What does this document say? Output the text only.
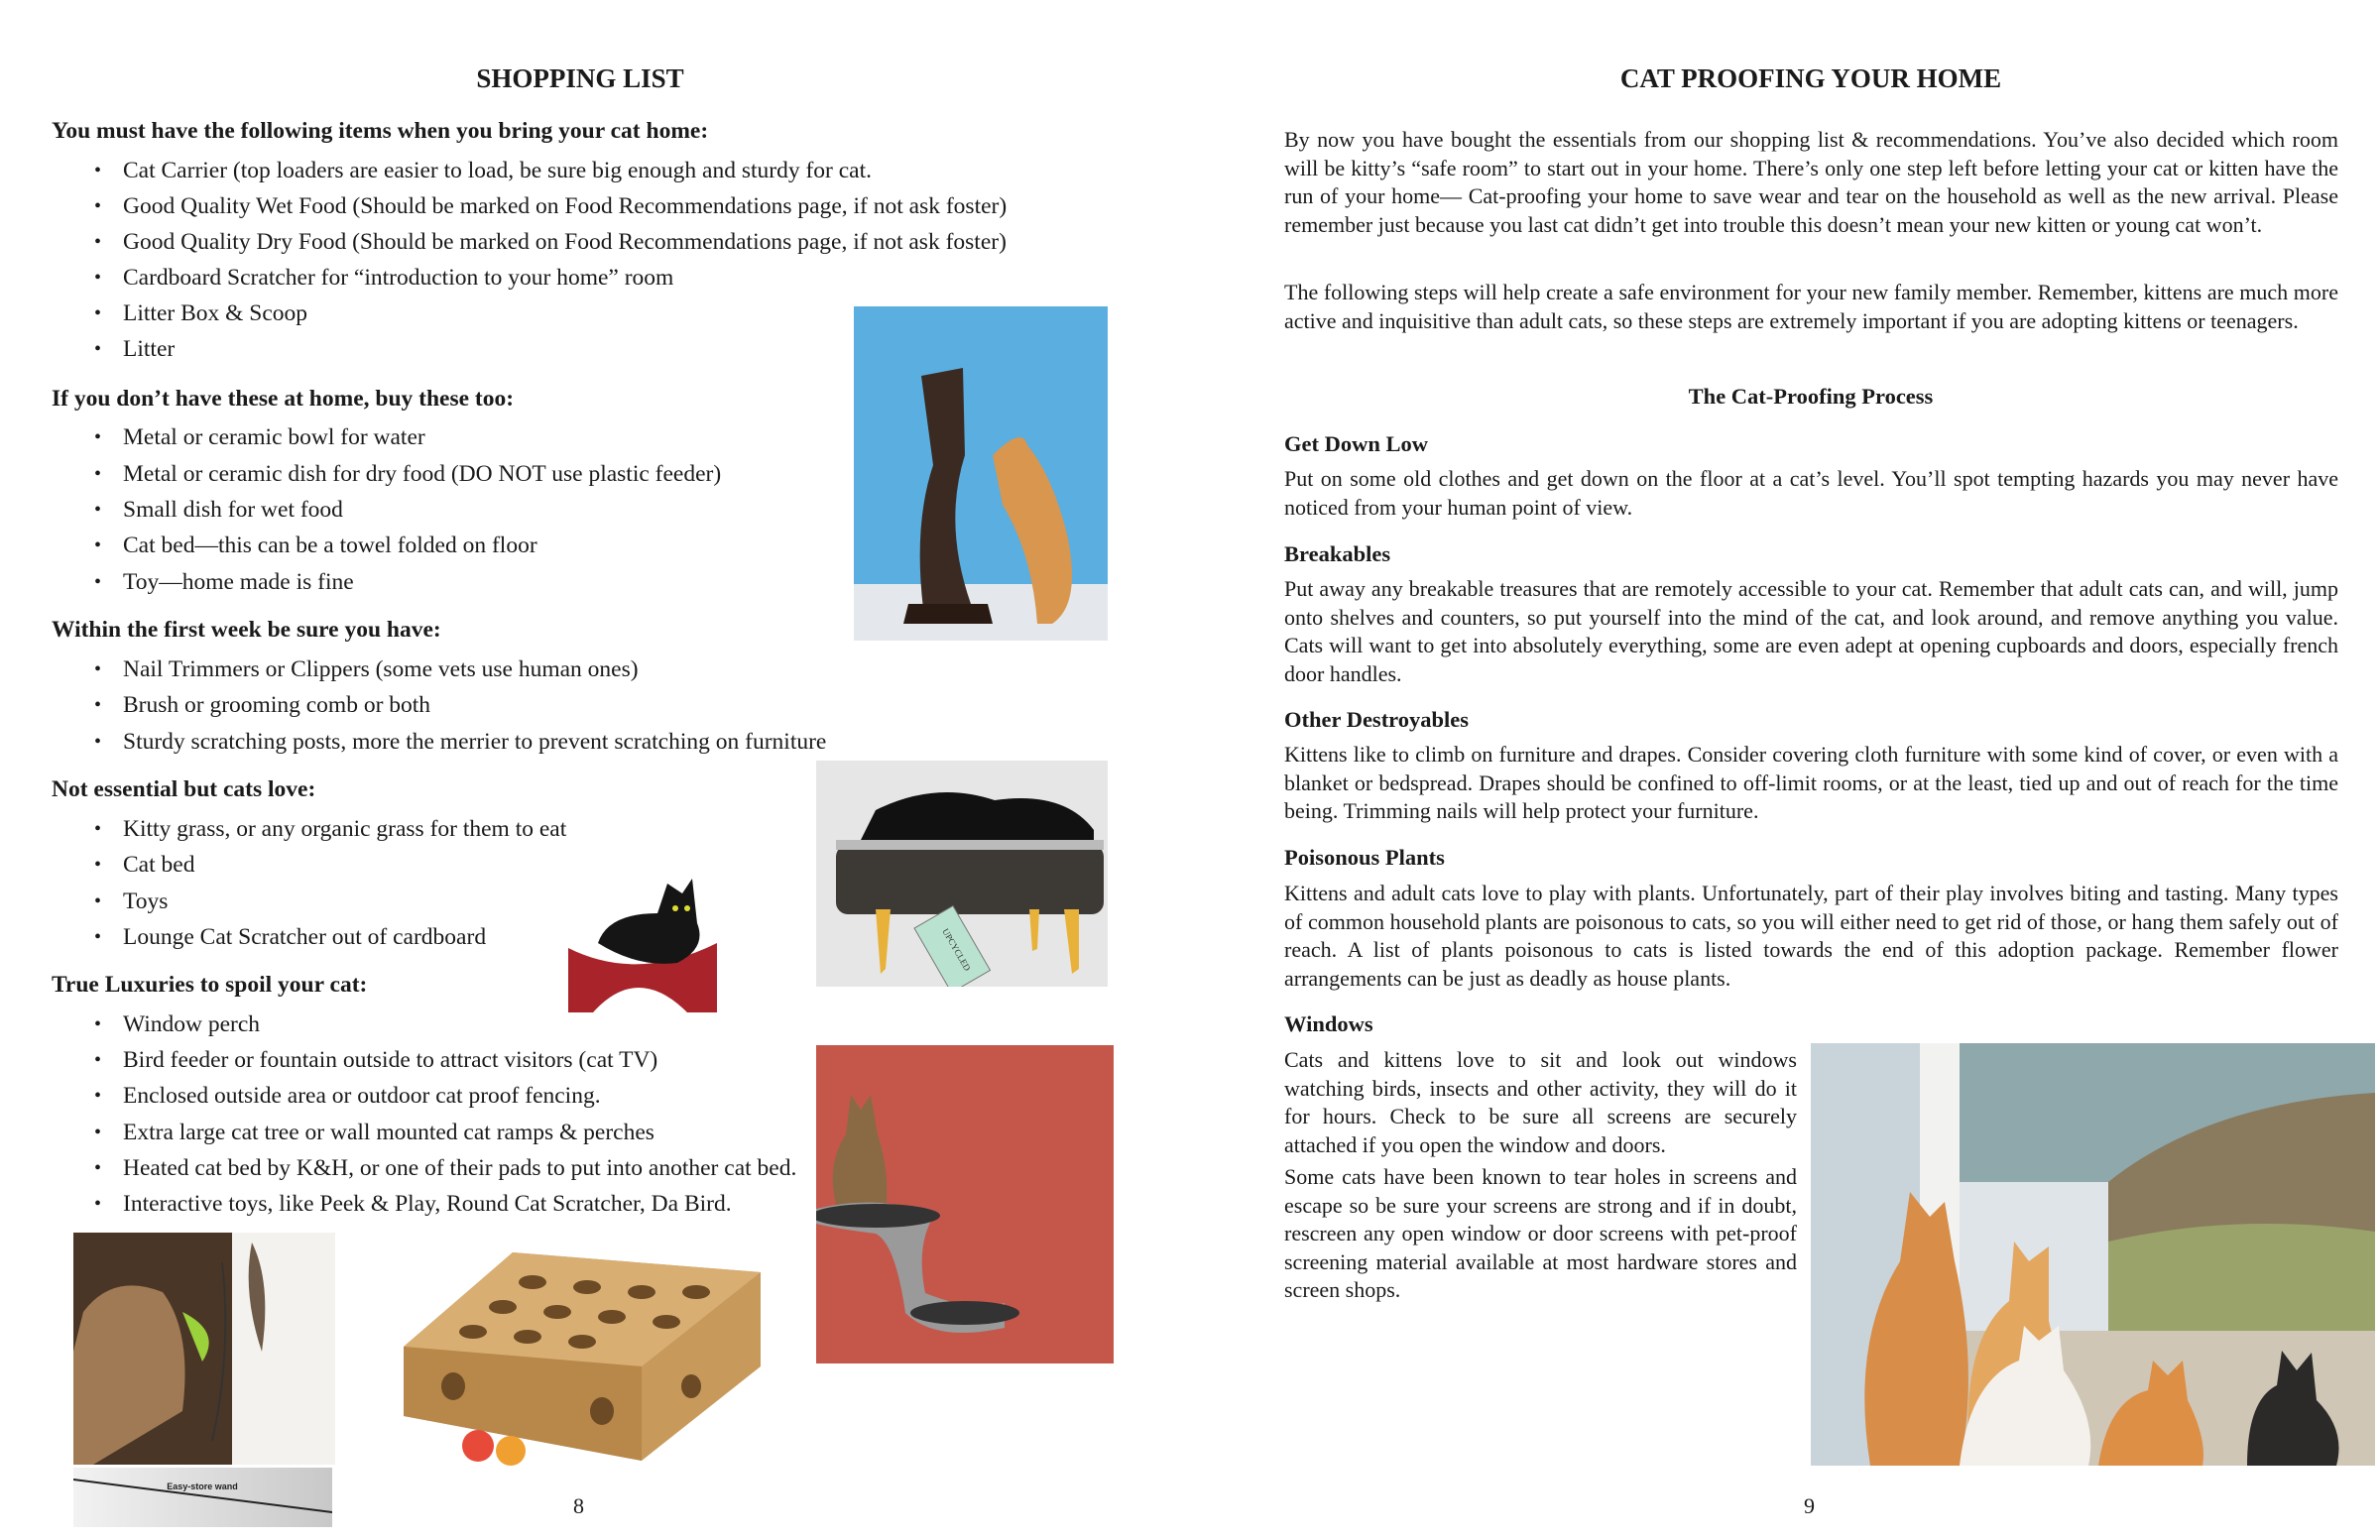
SHOPPING LIST
You must have the following items when you bring your cat home:
• Cat Carrier (top loaders are easier to load, be sure big enough and sturdy for cat.
• Good Quality Wet Food (Should be marked on Food Recommendations page, if not ask foster)
• Good Quality Dry Food (Should be marked on Food Recommendations page, if not ask foster)
• Cardboard Scratcher for “introduction to your home” room
• Litter Box & Scoop
• Litter
If you don’t have these at home, buy these too:
• Metal or ceramic bowl for water
• Metal or ceramic dish for dry food (DO NOT use plastic feeder)
• Small dish for wet food
• Cat bed—this can be a towel folded on floor
• Toy—home made is fine
Within the first week be sure you have:
• Nail Trimmers or Clippers (some vets use human ones)
• Brush or grooming comb or both
• Sturdy scratching posts, more the merrier to prevent scratching on furniture
Not essential but cats love:
• Kitty grass, or any organic grass for them to eat
• Cat bed
• Toys
• Lounge Cat Scratcher out of cardboard
True Luxuries to spoil your cat:
• Window perch
• Bird feeder or fountain outside to attract visitors (cat TV)
• Enclosed outside area or outdoor cat proof fencing.
• Extra large cat tree or wall mounted cat ramps & perches
• Heated cat bed by K&H, or one of their pads to put into another cat bed.
• Interactive toys, like Peek & Play, Round Cat Scratcher, Da Bird.
UPCYCLED
Easy-store wand
8
CAT PROOFING YOUR HOME

By now you have bought the essentials from our shopping list & recommendations. You’ve also decided which room will be kitty’s “safe room” to start out in your home. There’s only one step left before letting your cat or kitten have the run of your home— Cat-proofing your home to save wear and tear on the household as well as the new arrival. Please remember just because you last cat didn’t get into trouble this doesn’t mean your new kitten or young cat won’t.

The following steps will help create a safe environment for your new family member. Remember, kittens are much more active and inquisitive than adult cats, so these steps are extremely important if you are adopting kittens or teenagers.

The Cat-Proofing Process
Get Down Low

Put on some old clothes and get down on the floor at a cat’s level. You’ll spot tempting hazards you may never have noticed from your human point of view.

Breakables

Put away any breakable treasures that are remotely accessible to your cat. Remember that adult cats can, and will, jump onto shelves and counters, so put yourself into the mind of the cat, and look around, and remove anything you value. Cats will want to get into absolutely everything, some are even adept at opening cupboards and doors, especially french door handles.

Other Destroyables

Kittens like to climb on furniture and drapes. Consider covering cloth furniture with some kind of cover, or even with a blanket or bedspread. Drapes should be confined to off-limit rooms, or at the least, tied up and out of reach for the time being. Trimming nails will help protect your furniture.

Poisonous Plants

Kittens and adult cats love to play with plants. Unfortunately, part of their play involves biting and tasting. Many types of common household plants are poisonous to cats, so you will either need to get rid of those, or hang them safely out of reach. A list of plants poisonous to cats is listed towards the end of this adoption package. Remember flower arrangements can be just as deadly as house plants.

Windows

Cats and kittens love to sit and look out windows watching birds, insects and other activity, they will do it for hours. Check to be sure all screens are securely attached if you open the window and doors.

Some cats have been known to tear holes in screens and escape so be sure your screens are strong and if in doubt, rescreen any open window or door screens with pet-proof screening material available at most hardware stores and screen shops.

9
